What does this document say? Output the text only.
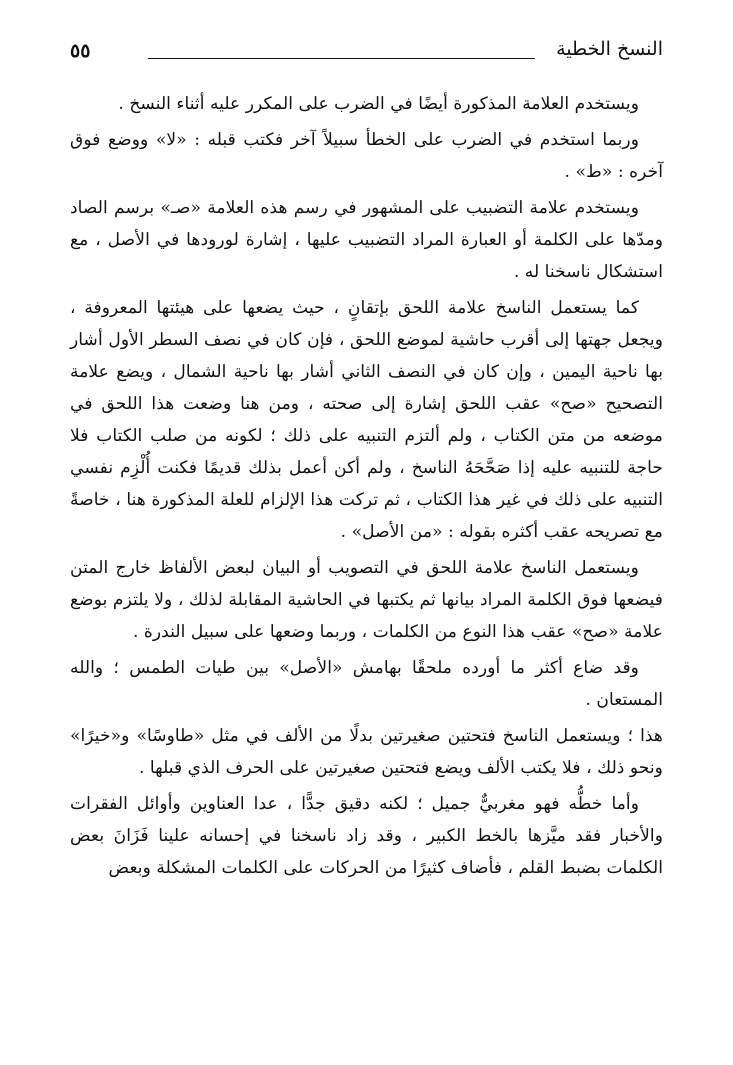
٥٥	النسخ الخطية

ويستخدم العلامة المذكورة أيضًا في الضرب على المكرر عليه أثناء النسخ .

وربما استخدم في الضرب على الخطأ سبيلاً آخر فكتب قبله : «لا» ووضع فوق آخره : «ط» .

ويستخدم علامة التضبيب على المشهور في رسم هذه العلامة «صـ» برسم الصاد ومدّها على الكلمة أو العبارة المراد التضبيب عليها ، إشارة لورودها في الأصل ، مع استشكال ناسخنا له .

كما يستعمل الناسخ علامة اللحق بإتقانٍ ، حيث يضعها على هيئتها المعروفة ، ويجعل جهتها إلى أقرب حاشية لموضع اللحق ، فإن كان في نصف السطر الأول أشار بها ناحية اليمين ، وإن كان في النصف الثاني أشار بها ناحية الشمال ، ويضع علامة التصحيح «صح» عقب اللحق إشارة إلى صحته ، ومن هنا وضعت هذا اللحق في موضعه من متن الكتاب ، ولم ألتزم التنبيه على ذلك ؛ لكونه من صلب الكتاب فلا حاجة للتنبيه عليه إذا صَحَّحَهُ الناسخ ، ولم أكن أعمل بذلك قديمًا فكنت أُلْزِم نفسي التنبيه على ذلك في غير هذا الكتاب ، ثم تركت هذا الإلزام للعلة المذكورة هنا ، خاصةً مع تصريحه عقب أكثره بقوله : «من الأصل» .

ويستعمل الناسخ علامة اللحق في التصويب أو البيان لبعض الألفاظ خارج المتن فيضعها فوق الكلمة المراد بيانها ثم يكتبها في الحاشية المقابلة لذلك ، ولا يلتزم بوضع علامة «صح» عقب هذا النوع من الكلمات ، وربما وضعها على سبيل الندرة .

وقد ضاع أكثر ما أورده ملحقًا بهامش «الأصل» بين طيات الطمس ؛ والله المستعان .

هذا ؛ ويستعمل الناسخ فتحتين صغيرتين بدلًا من الألف في مثل «طاوسًا» و«خيرًا» ونحو ذلك ، فلا يكتب الألف ويضع فتحتين صغيرتين على الحرف الذي قبلها .

وأما خطُّه فهو مغربيٌّ جميل ؛ لكنه دقيق جدًّا ، عدا العناوين وأوائل الفقرات والأخبار فقد ميَّزها بالخط الكبير ، وقد زاد ناسخنا في إحسانه علينا فَزَانَ بعض الكلمات بضبط القلم ، فأضاف كثيرًا من الحركات على الكلمات المشكلة وبعض
